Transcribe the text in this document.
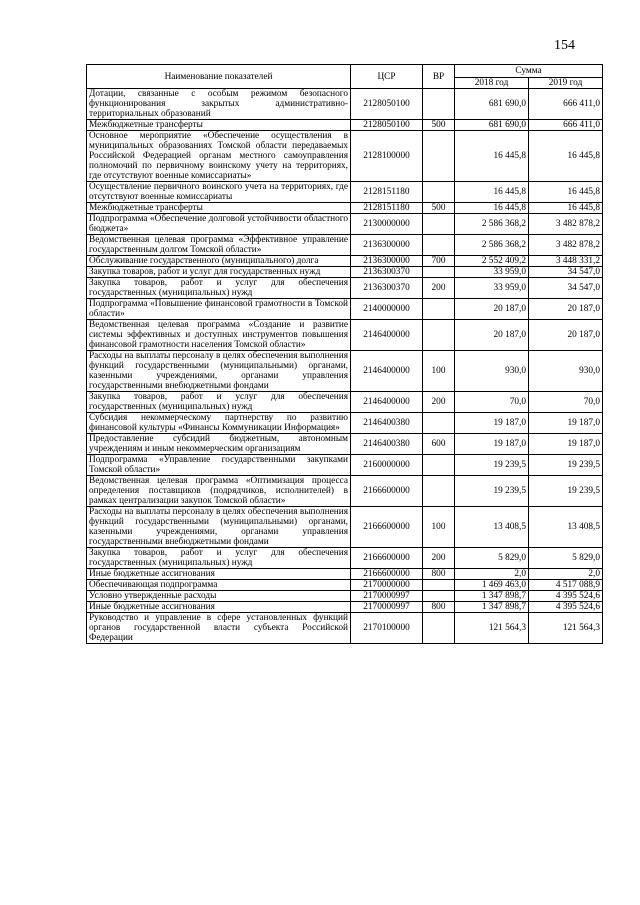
154
Наименование показателей	ЦСР	ВР	Сумма	
			2018 год	2019 год
Дотации, связанные с особым режимом безопасного функционирования закрытых административно-территориальных образований	2128050100		681 690,0	666 411,0
Межбюджетные трансферты	2128050100	500	681 690,0	666 411,0
Основное мероприятие «Обеспечение осуществления в муниципальных образованиях Томской области передаваемых Российской Федерацией органам местного самоуправления полномочий по первичному воинскому учету на территориях, где отсутствуют военные комиссариаты»	2128100000		16 445,8	16 445,8
Осуществление первичного воинского учета на территориях, где отсутствуют военные комиссариаты	2128151180		16 445,8	16 445,8
Межбюджетные трансферты	2128151180	500	16 445,8	16 445,8
Подпрограмма «Обеспечение долговой устойчивости областного бюджета»	2130000000		2 586 368,2	3 482 878,2
Ведомственная целевая программа «Эффективное управление государственным долгом Томской области»	2136300000		2 586 368,2	3 482 878,2
Обслуживание государственного (муниципального) долга	2136300000	700	2 552 409,2	3 448 331,2
Закупка товаров, работ и услуг для государственных нужд	2136300370		33 959,0	34 547,0
Закупка товаров, работ и услуг для обеспечения государственных (муниципальных) нужд	2136300370	200	33 959,0	34 547,0
Подпрограмма «Повышение финансовой грамотности в Томской области»	2140000000		20 187,0	20 187,0
Ведомственная целевая программа «Создание и развитие системы эффективных и доступных инструментов повышения финансовой грамотности населения Томской области»	2146400000		20 187,0	20 187,0
Расходы на выплаты персоналу в целях обеспечения выполнения функций государственными (муниципальными) органами, казенными учреждениями, органами управления государственными внебюджетными фондами	2146400000	100	930,0	930,0
Закупка товаров, работ и услуг для обеспечения государственных (муниципальных) нужд	2146400000	200	70,0	70,0
Субсидия некоммерческому партнерству по развитию финансовой культуры «Финансы Коммуникации Информация»	2146400380		19 187,0	19 187,0
Предоставление субсидий бюджетным, автономным учреждениям и иным некоммерческим организациям	2146400380	600	19 187,0	19 187,0
Подпрограмма «Управление государственными закупками Томской области»	2160000000		19 239,5	19 239,5
Ведомственная целевая программа «Оптимизация процесса определения поставщиков (подрядчиков, исполнителей) в рамках централизации закупок Томской области»	2166600000		19 239,5	19 239,5
Расходы на выплаты персоналу в целях обеспечения выполнения функций государственными (муниципальными) органами, казенными учреждениями, органами управления государственными внебюджетными фондами	2166600000	100	13 408,5	13 408,5
Закупка товаров, работ и услуг для обеспечения государственных (муниципальных) нужд	2166600000	200	5 829,0	5 829,0
Иные бюджетные ассигнования	2166600000	800	2,0	2,0
Обеспечивающая подпрограмма	2170000000		1 469 463,0	4 517 088,9
Условно утвержденные расходы	2170000997		1 347 898,7	4 395 524,6
Иные бюджетные ассигнования	2170000997	800	1 347 898,7	4 395 524,6
Руководство и управление в сфере установленных функций органов государственной власти субъекта Российской Федерации	2170100000		121 564,3	121 564,3
